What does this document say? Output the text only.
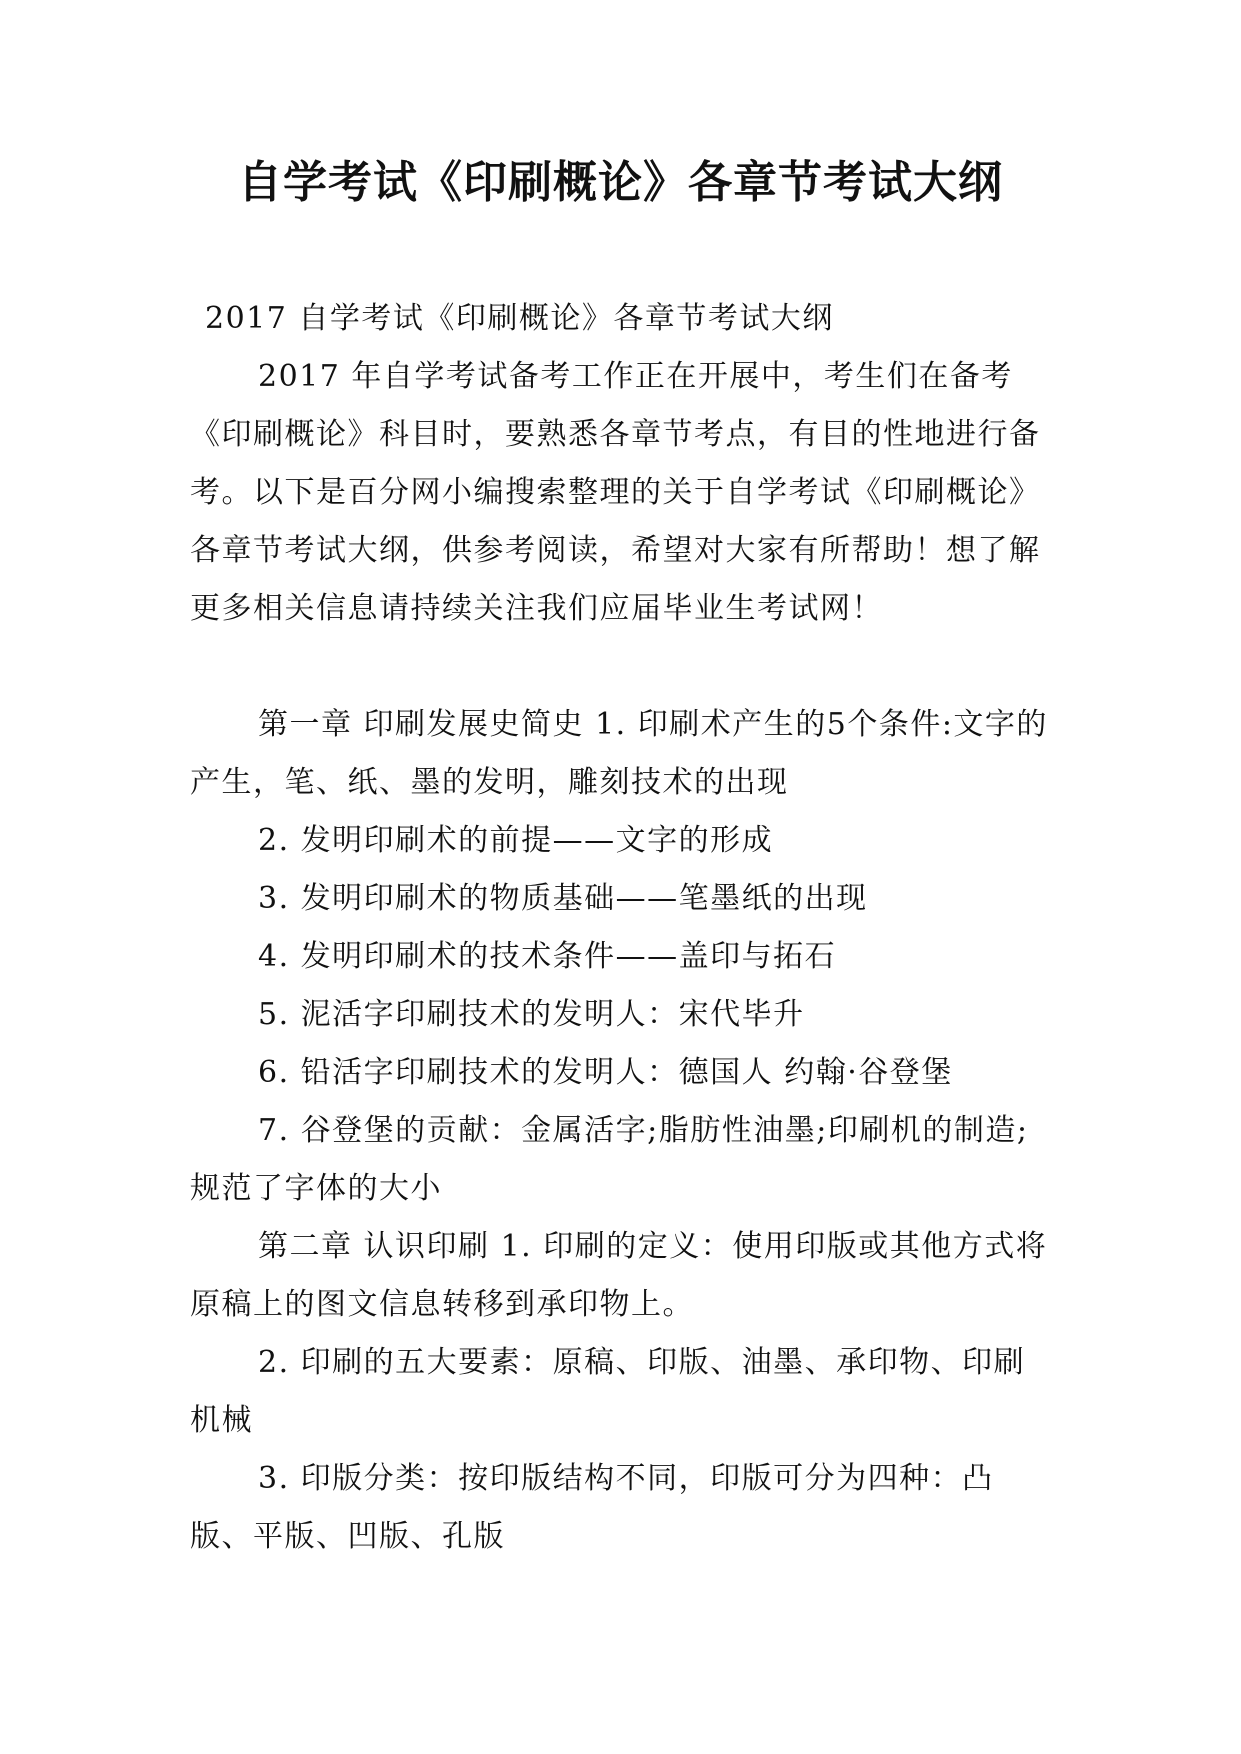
自学考试《印刷概论》各章节考试大纲

2017 自学考试《印刷概论》各章节考试大纲

2017 年自学考试备考工作正在开展中，考生们在备考《印刷概论》科目时，要熟悉各章节考点，有目的性地进行备考。以下是百分网小编搜索整理的关于自学考试《印刷概论》各章节考试大纲，供参考阅读，希望对大家有所帮助！想了解更多相关信息请持续关注我们应届毕业生考试网！

第一章 印刷发展史简史 1. 印刷术产生的5个条件:文字的产生，笔、纸、墨的发明，雕刻技术的出现

2. 发明印刷术的前提——文字的形成

3. 发明印刷术的物质基础——笔墨纸的出现

4. 发明印刷术的技术条件——盖印与拓石

5. 泥活字印刷技术的发明人：宋代毕升

6. 铅活字印刷技术的发明人：德国人 约翰·谷登堡

7. 谷登堡的贡献：金属活字;脂肪性油墨;印刷机的制造;规范了字体的大小

第二章 认识印刷 1. 印刷的定义：使用印版或其他方式将原稿上的图文信息转移到承印物上。

2. 印刷的五大要素：原稿、印版、油墨、承印物、印刷机械

3. 印版分类：按印版结构不同，印版可分为四种：凸版、平版、凹版、孔版
